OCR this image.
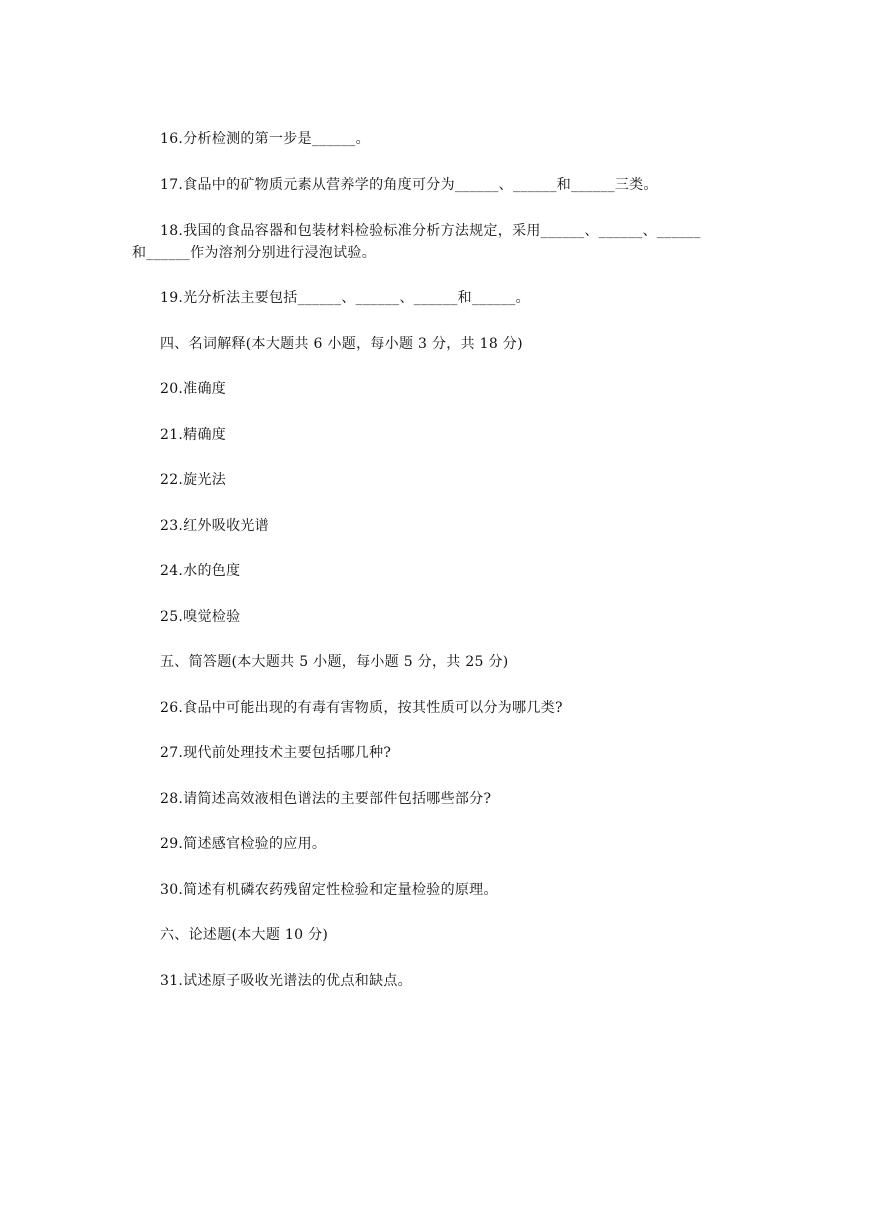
16.分析检测的第一步是______。
17.食品中的矿物质元素从营养学的角度可分为______、______和______三类。
18.我国的食品容器和包装材料检验标准分析方法规定，采用______、______、______
和______作为溶剂分别进行浸泡试验。
19.光分析法主要包括______、______、______和______。
四、名词解释(本大题共 6 小题，每小题 3 分，共 18 分)
20.准确度
21.精确度
22.旋光法
23.红外吸收光谱
24.水的色度
25.嗅觉检验
五、简答题(本大题共 5 小题，每小题 5 分，共 25 分)
26.食品中可能出现的有毒有害物质，按其性质可以分为哪几类?
27.现代前处理技术主要包括哪几种?
28.请简述高效液相色谱法的主要部件包括哪些部分?
29.简述感官检验的应用。
30.简述有机磷农药残留定性检验和定量检验的原理。
六、论述题(本大题 10 分)
31.试述原子吸收光谱法的优点和缺点。
